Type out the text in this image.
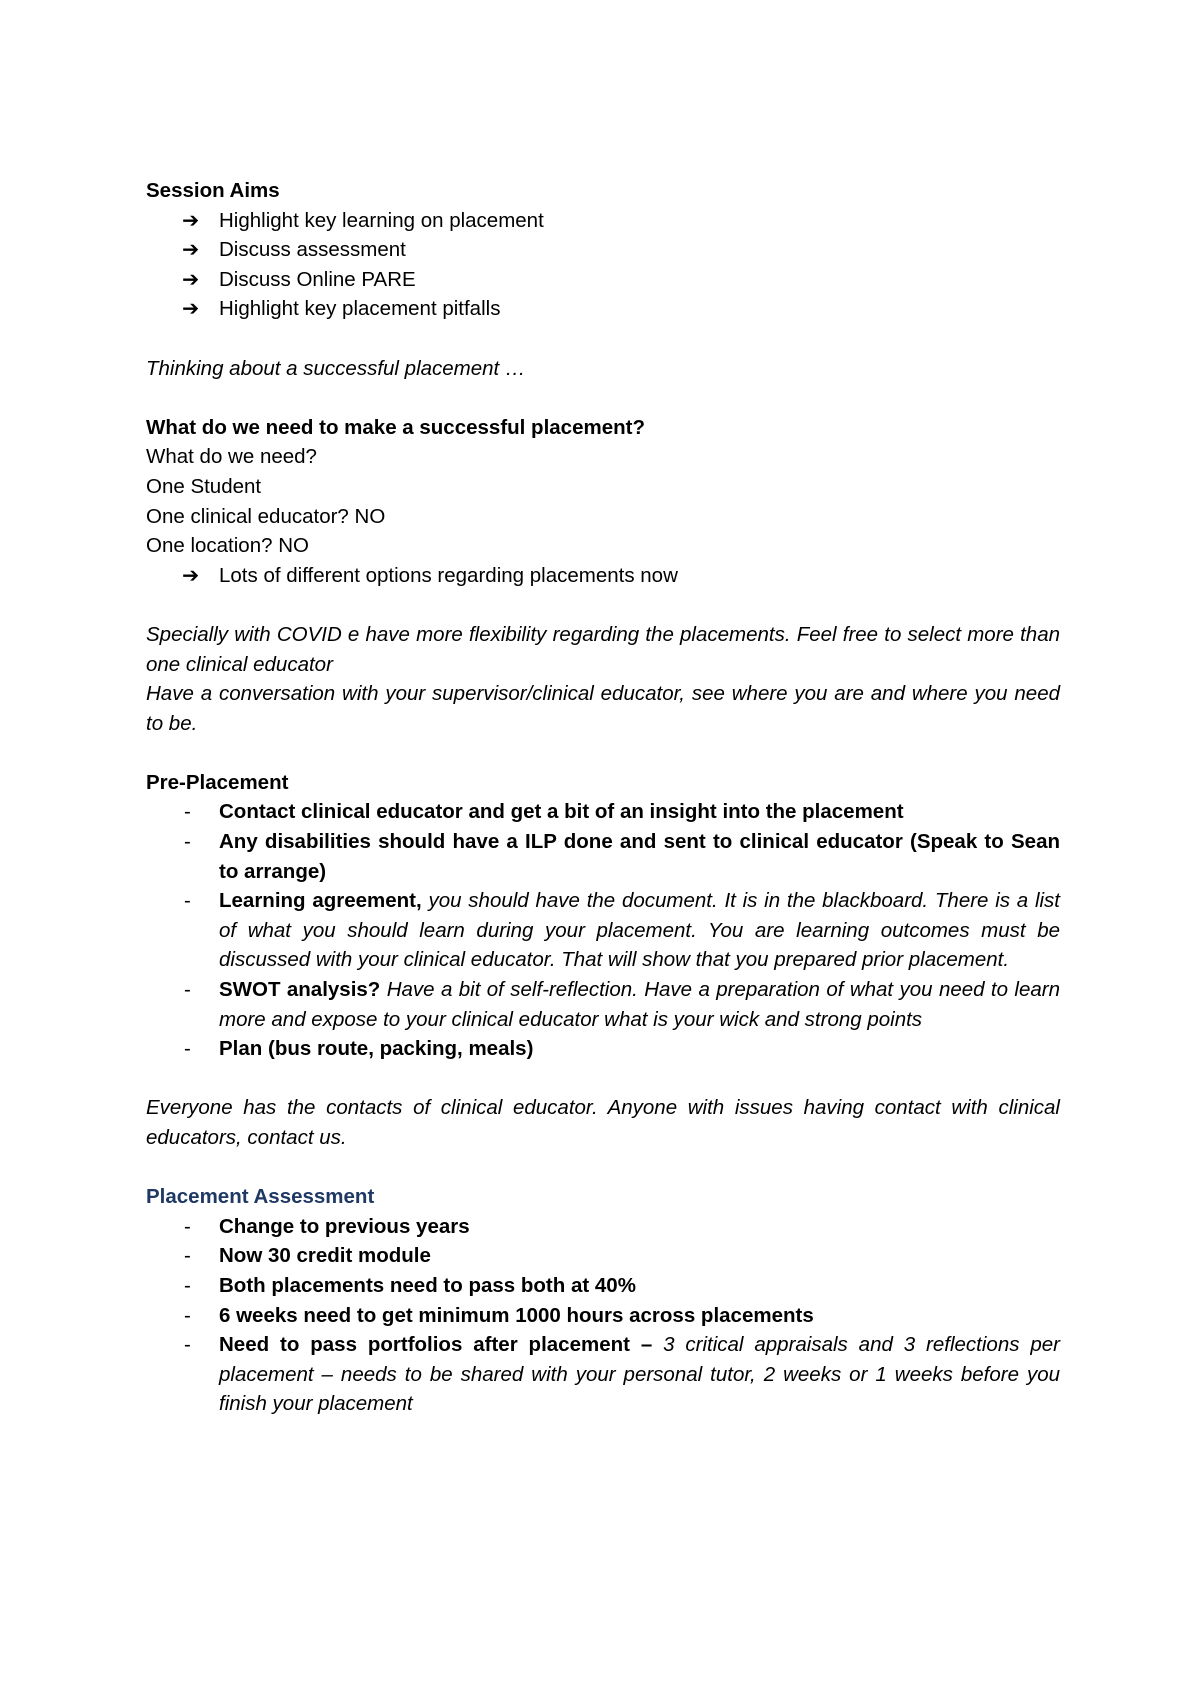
Session Aims
➔ Highlight key learning on placement
➔ Discuss assessment
➔ Discuss Online PARE
➔ Highlight key placement pitfalls
Thinking about a successful placement …
What do we need to make a successful placement?
What do we need?
One Student
One clinical educator? NO
One location? NO
➔ Lots of different options regarding placements now
Specially with COVID e have more flexibility regarding the placements. Feel free to select more than one clinical educator
Have a conversation with your supervisor/clinical educator, see where you are and where you need to be.
Pre-Placement
- Contact clinical educator and get a bit of an insight into the placement
- Any disabilities should have a ILP done and sent to clinical educator (Speak to Sean to arrange)
- Learning agreement, you should have the document. It is in the blackboard. There is a list of what you should learn during your placement. You are learning outcomes must be discussed with your clinical educator. That will show that you prepared prior placement.
- SWOT analysis? Have a bit of self-reflection. Have a preparation of what you need to learn more and expose to your clinical educator what is your wick and strong points
- Plan (bus route, packing, meals)
Everyone has the contacts of clinical educator. Anyone with issues having contact with clinical educators, contact us.
Placement Assessment
- Change to previous years
- Now 30 credit module
- Both placements need to pass both at 40%
- 6 weeks need to get minimum 1000 hours across placements
- Need to pass portfolios after placement – 3 critical appraisals and 3 reflections per placement – needs to be shared with your personal tutor, 2 weeks or 1 weeks before you finish your placement
